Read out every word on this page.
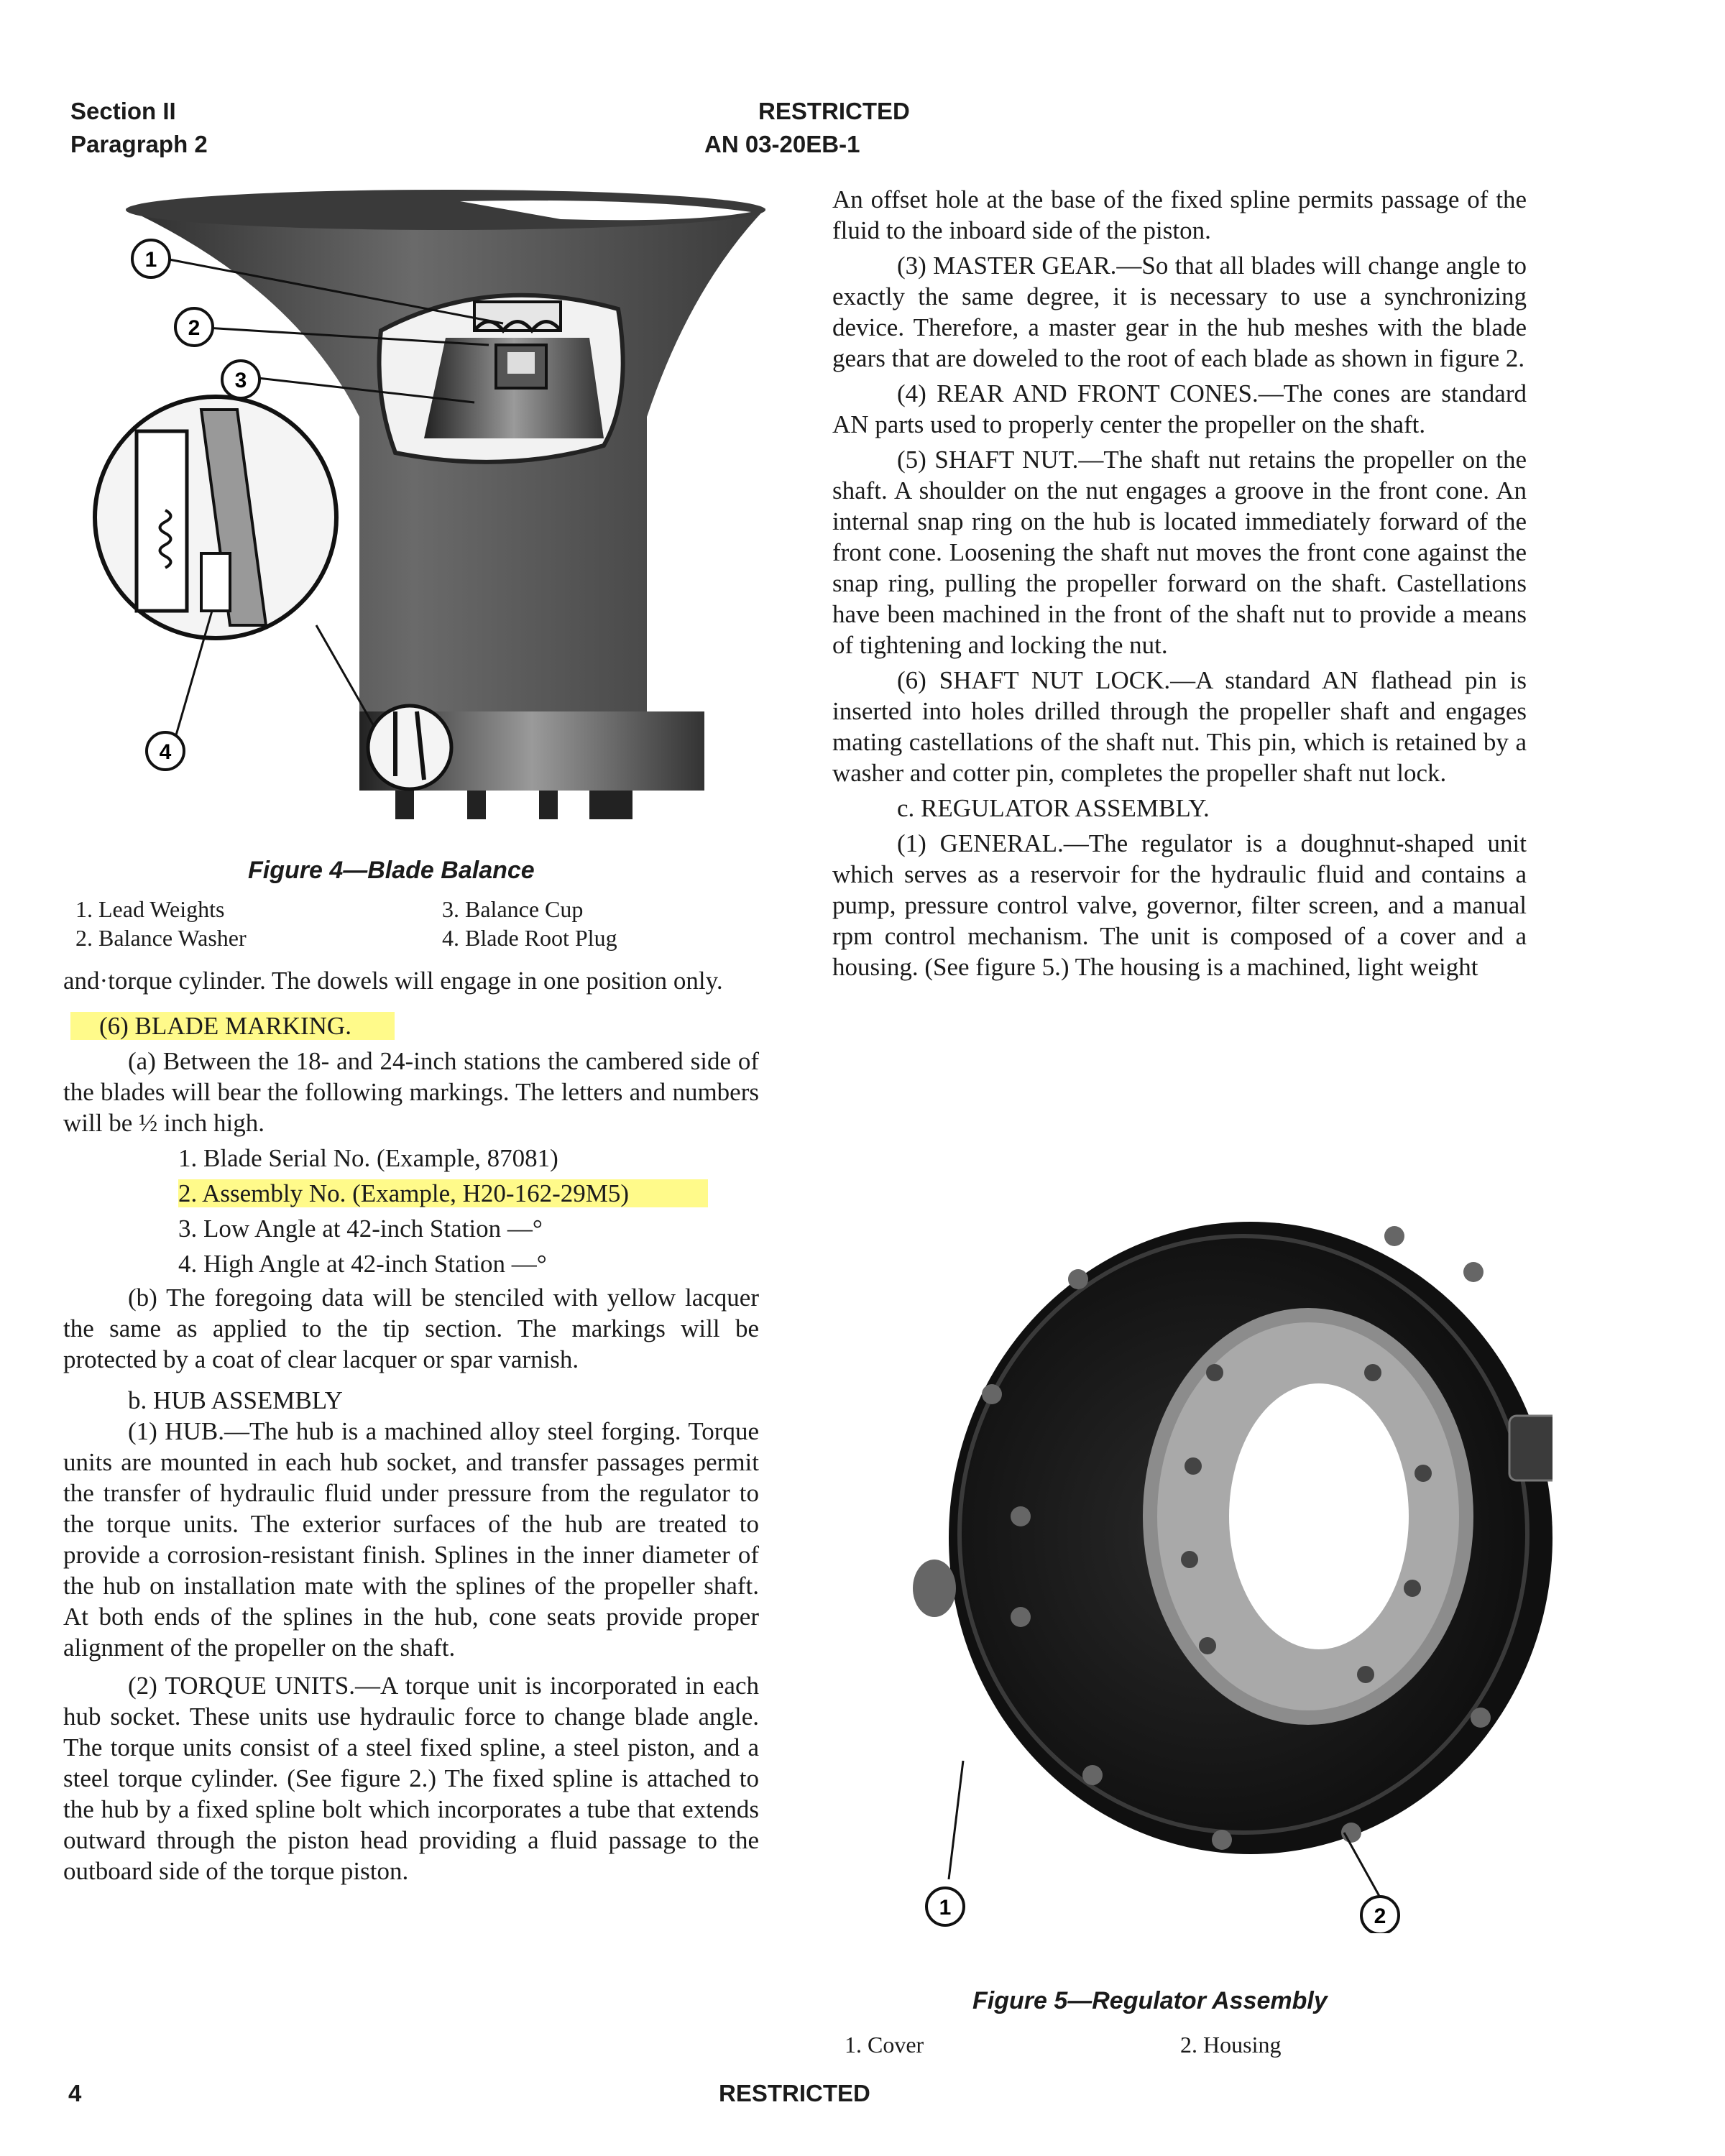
Section II
Paragraph 2
RESTRICTED
AN 03-20EB-1
1
2
3
4
Figure 4—Blade Balance
1. Lead Weights
2. Balance Washer
3. Balance Cup
4. Blade Root Plug

and·torque cylinder. The dowels will engage in one position only.

(6) BLADE MARKING.

(a) Between the 18- and 24-inch stations the cambered side of the blades will bear the following markings. The letters and numbers will be ½ inch high.

1. Blade Serial No. (Example, 87081)

2. Assembly No. (Example, H20-162-29M5)

3. Low Angle at 42-inch Station —°

4. High Angle at 42-inch Station —°

(b) The foregoing data will be stenciled with yellow lacquer the same as applied to the tip section. The markings will be protected by a coat of clear lacquer or spar varnish.

b. HUB ASSEMBLY

(1) HUB.—The hub is a machined alloy steel forging. Torque units are mounted in each hub socket, and transfer passages permit the transfer of hydraulic fluid under pressure from the regulator to the torque units. The exterior surfaces of the hub are treated to provide a corrosion-resistant finish. Splines in the inner diameter of the hub on installation mate with the splines of the propeller shaft. At both ends of the splines in the hub, cone seats provide proper alignment of the propeller on the shaft.

(2) TORQUE UNITS.—A torque unit is incorporated in each hub socket. These units use hydraulic force to change blade angle. The torque units consist of a steel fixed spline, a steel piston, and a steel torque cylinder. (See figure 2.) The fixed spline is attached to the hub by a fixed spline bolt which incorporates a tube that extends outward through the piston head providing a fluid passage to the outboard side of the torque piston.

An offset hole at the base of the fixed spline permits passage of the fluid to the inboard side of the piston.

(3) MASTER GEAR.—So that all blades will change angle to exactly the same degree, it is necessary to use a synchronizing device. Therefore, a master gear in the hub meshes with the blade gears that are doweled to the root of each blade as shown in figure 2.

(4) REAR AND FRONT CONES.—The cones are standard AN parts used to properly center the propeller on the shaft.

(5) SHAFT NUT.—The shaft nut retains the propeller on the shaft. A shoulder on the nut engages a groove in the front cone. An internal snap ring on the hub is located immediately forward of the front cone. Loosening the shaft nut moves the front cone against the snap ring, pulling the propeller forward on the shaft. Castellations have been machined in the front of the shaft nut to provide a means of tightening and locking the nut.

(6) SHAFT NUT LOCK.—A standard AN flathead pin is inserted into holes drilled through the propeller shaft and engages mating castellations of the shaft nut. This pin, which is retained by a washer and cotter pin, completes the propeller shaft nut lock.

c. REGULATOR ASSEMBLY.

(1) GENERAL.—The regulator is a doughnut-shaped unit which serves as a reservoir for the hydraulic fluid and contains a pump, pressure control valve, governor, filter screen, and a manual rpm control mechanism. The unit is composed of a cover and a housing. (See figure 5.) The housing is a machined, light weight

1	2
Figure 5—Regulator Assembly
1. Cover	2. Housing
4	RESTRICTED
